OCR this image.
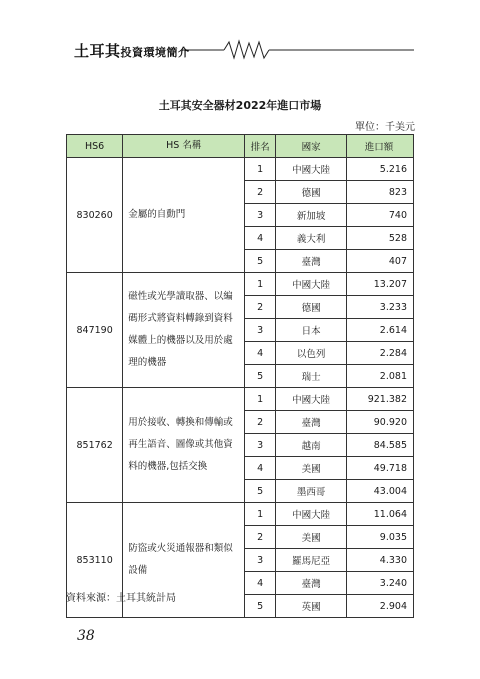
土耳其投資環境簡介
土耳其安全器材2022年進口市場
單位：千美元
HS6	HS 名稱	排名	國家	進口額
830260	金屬的自動門	1	中國大陸	5.216
		2	德國	823
		3	新加坡	740
		4	義大利	528
		5	臺灣	407
847190	磁性或光學讀取器、以編碼形式將資料轉錄到資料媒體上的機器以及用於處理的機器	1	中國大陸	13.207
		2	德國	3.233
		3	日本	2.614
		4	以色列	2.284
		5	瑞士	2.081
851762	用於接收、轉換和傳輸或再生語音、圖像或其他資料的機器,包括交換	1	中國大陸	921.382
		2	臺灣	90.920
		3	越南	84.585
		4	美國	49.718
		5	墨西哥	43.004
853110	防盜或火災通報器和類似設備	1	中國大陸	11.064
		2	美國	9.035
		3	羅馬尼亞	4.330
		4	臺灣	3.240
		5	英國	2.904
資料來源：土耳其統計局
38
